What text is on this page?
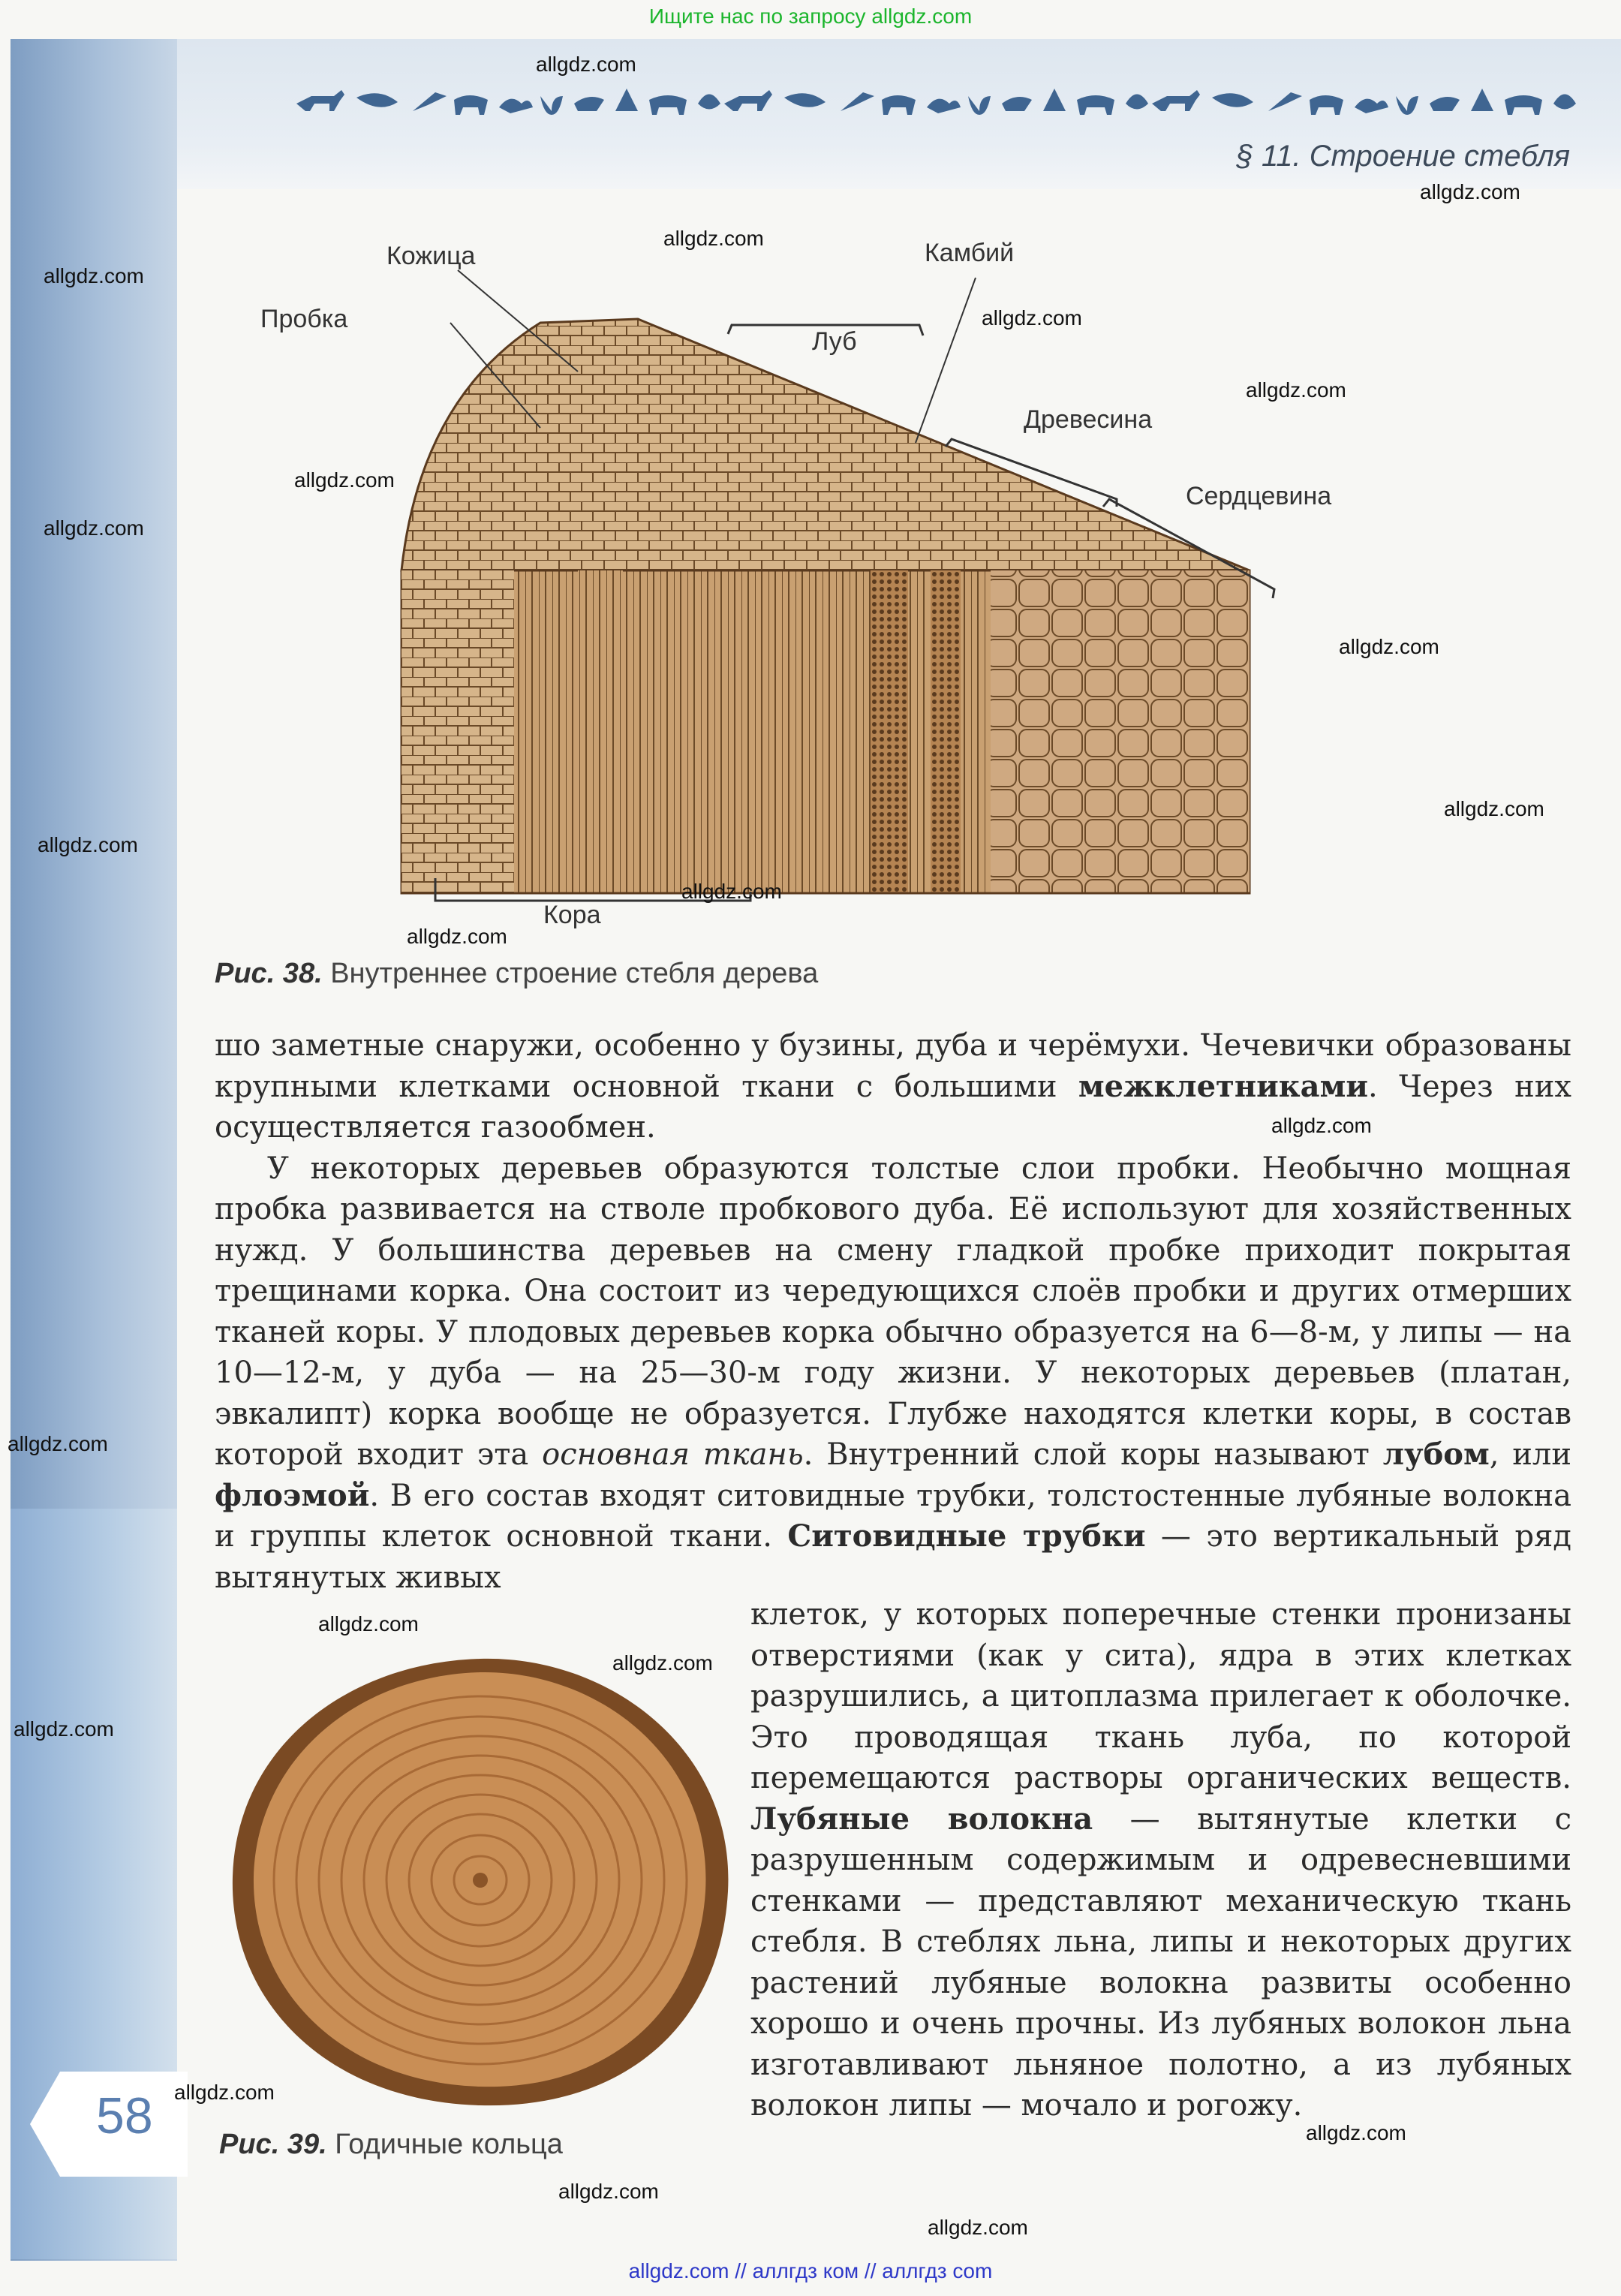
Ищите нас по запросу allgdz.com
§ 11. Строение стебля
Кожица
Пробка
Камбий
Луб
Древесина
Сердцевина
Кора
Рис. 38. Внутреннее строение стебля дерева

шо заметные снаружи, особенно у бузины, дуба и черёмухи. Чечевички образованы крупными клетками основной ткани с большими межклетниками. Через них осуществляется газообмен.

У некоторых деревьев образуются толстые слои пробки. Необычно мощная пробка развивается на стволе пробкового дуба. Её используют для хозяйственных нужд. У большинства деревьев на смену гладкой пробке приходит покрытая трещинами корка. Она состоит из чередующихся слоёв пробки и других отмерших тканей коры. У плодовых деревьев корка обычно образуется на 6—8-м, у липы — на 10—12-м, у дуба — на 25—30-м году жизни. У некоторых деревьев (платан, эвкалипт) корка вообще не образуется. Глубже находятся клетки коры, в состав которой входит эта основная ткань. Внутренний слой коры называют лубом, или флоэмой. В его состав входят ситовидные трубки, толстостенные лубяные волокна и группы клеток основной ткани. Ситовидные трубки — это вертикальный ряд вытянутых живых

клеток, у которых поперечные стенки пронизаны отверстиями (как у сита), ядра в этих клетках разрушились, а цитоплазма прилегает к оболочке. Это проводящая ткань луба, по которой перемещаются растворы органических веществ. Лубяные волокна — вытянутые клетки с разрушенным содержимым и одревесневшими стенками — представляют механическую ткань стебля. В стеблях льна, липы и некоторых других растений лубяные волокна развиты особенно хорошо и очень прочны. Из лубяных волокон льна изготавливают льняное полотно, а из лубяных волокон липы — мочало и рогожу.

Рис. 39. Годичные кольца
58
allgdz.com
allgdz.com
allgdz.com
allgdz.com
allgdz.com
allgdz.com
allgdz.com
allgdz.com
allgdz.com
allgdz.com
allgdz.com
allgdz.com
allgdz.com
allgdz.com
allgdz.com
allgdz.com
allgdz.com
allgdz.com
allgdz.com
allgdz.com
allgdz.com
allgdz.com
allgdz.com // аллгдз ком // аллгдз com
